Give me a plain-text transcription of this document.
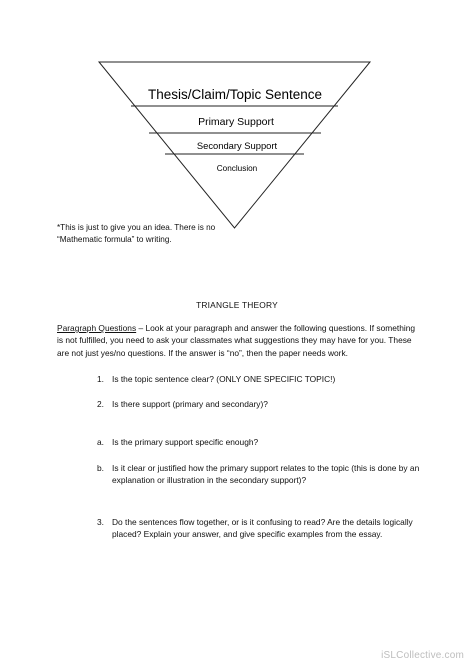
Thesis/Claim/Topic Sentence
Primary Support
Secondary Support
Conclusion
*This is just to give you an idea. There is no “Mathematic formula” to writing.
TRIANGLE THEORY
Paragraph Questions – Look at your paragraph and answer the following questions. If something is not fulfilled, you need to ask your classmates what suggestions they may have for you. These are not just yes/no questions. If the answer is “no”, then the paper needs work.
1. Is the topic sentence clear? (ONLY ONE SPECIFIC TOPIC!)
2. Is there support (primary and secondary)?
a. Is the primary support specific enough?
b. Is it clear or justified how the primary support relates to the topic (this is done by an explanation or illustration in the secondary support)?
3. Do the sentences flow together, or is it confusing to read? Are the details logically placed? Explain your answer, and give specific examples from the essay.
iSLCollective.com
